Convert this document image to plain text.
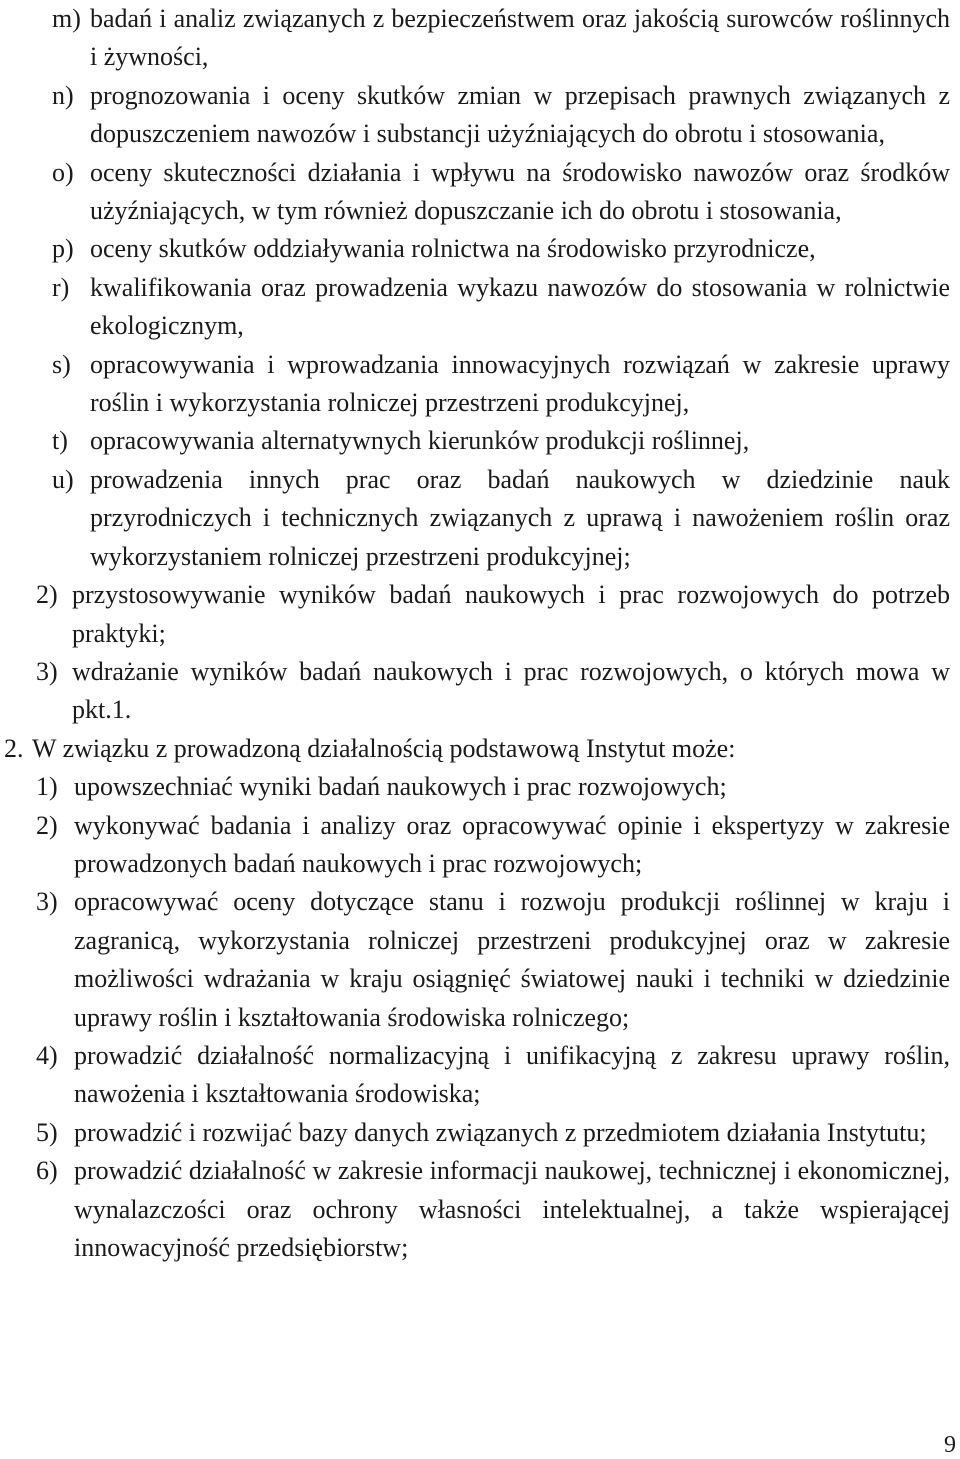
m) badań i analiz związanych z bezpieczeństwem oraz jakością surowców roślinnych i żywności,
n) prognozowania i oceny skutków zmian w przepisach prawnych związanych z dopuszczeniem nawozów i substancji użyźniających do obrotu i stosowania,
o) oceny skuteczności działania i wpływu na środowisko nawozów oraz środków użyźniających, w tym również dopuszczanie ich do obrotu i stosowania,
p) oceny skutków oddziaływania rolnictwa na środowisko przyrodnicze,
r) kwalifikowania oraz prowadzenia wykazu nawozów do stosowania w rolnictwie ekologicznym,
s) opracowywania i wprowadzania innowacyjnych rozwiązań w zakresie uprawy roślin i wykorzystania rolniczej przestrzeni produkcyjnej,
t) opracowywania alternatywnych kierunków produkcji roślinnej,
u) prowadzenia innych prac oraz badań naukowych w dziedzinie nauk przyrodniczych i technicznych związanych z uprawą i nawożeniem roślin oraz wykorzystaniem rolniczej przestrzeni produkcyjnej;
2) przystosowywanie wyników badań naukowych i prac rozwojowych do potrzeb praktyki;
3) wdrażanie wyników badań naukowych i prac rozwojowych, o których mowa w pkt.1.
2. W związku z prowadzoną działalnością podstawową Instytut może:
1) upowszechniać wyniki badań naukowych i prac rozwojowych;
2) wykonywać badania i analizy oraz opracowywać opinie i ekspertyzy w zakresie prowadzonych badań naukowych i prac rozwojowych;
3) opracowywać oceny dotyczące stanu i rozwoju produkcji roślinnej w kraju i zagranicą, wykorzystania rolniczej przestrzeni produkcyjnej oraz w zakresie możliwości wdrażania w kraju osiągnięć światowej nauki i techniki w dziedzinie uprawy roślin i kształtowania środowiska rolniczego;
4) prowadzić działalność normalizacyjną i unifikacyjną z zakresu uprawy roślin, nawożenia i kształtowania środowiska;
5) prowadzić i rozwijać bazy danych związanych z przedmiotem działania Instytutu;
6) prowadzić działalność w zakresie informacji naukowej, technicznej i ekonomicznej, wynalazczości oraz ochrony własności intelektualnej, a także wspierającej innowacyjność przedsiębiorstw;
9
